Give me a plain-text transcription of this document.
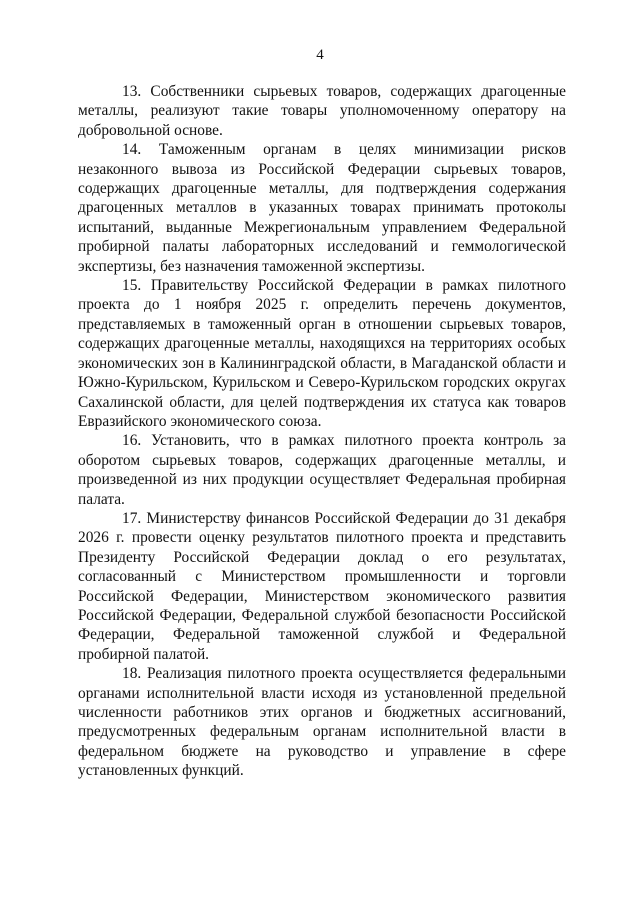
4

13. Собственники сырьевых товаров, содержащих драгоценные металлы, реализуют такие товары уполномоченному оператору на добровольной основе.

14. Таможенным органам в целях минимизации рисков незаконного вывоза из Российской Федерации сырьевых товаров, содержащих драгоценные металлы, для подтверждения содержания драгоценных металлов в указанных товарах принимать протоколы испытаний, выданные Межрегиональным управлением Федеральной пробирной палаты лабораторных исследований и геммологической экспертизы, без назначения таможенной экспертизы.

15. Правительству Российской Федерации в рамках пилотного проекта до 1 ноября 2025 г. определить перечень документов, представляемых в таможенный орган в отношении сырьевых товаров, содержащих драгоценные металлы, находящихся на территориях особых экономических зон в Калининградской области, в Магаданской области и Южно-Курильском, Курильском и Северо-Курильском городских округах Сахалинской области, для целей подтверждения их статуса как товаров Евразийского экономического союза.

16. Установить, что в рамках пилотного проекта контроль за оборотом сырьевых товаров, содержащих драгоценные металлы, и произведенной из них продукции осуществляет Федеральная пробирная палата.

17. Министерству финансов Российской Федерации до 31 декабря 2026 г. провести оценку результатов пилотного проекта и представить Президенту Российской Федерации доклад о его результатах, согласованный с Министерством промышленности и торговли Российской Федерации, Министерством экономического развития Российской Федерации, Федеральной службой безопасности Российской Федерации, Федеральной таможенной службой и Федеральной пробирной палатой.

18. Реализация пилотного проекта осуществляется федеральными органами исполнительной власти исходя из установленной предельной численности работников этих органов и бюджетных ассигнований, предусмотренных федеральным органам исполнительной власти в федеральном бюджете на руководство и управление в сфере установленных функций.
